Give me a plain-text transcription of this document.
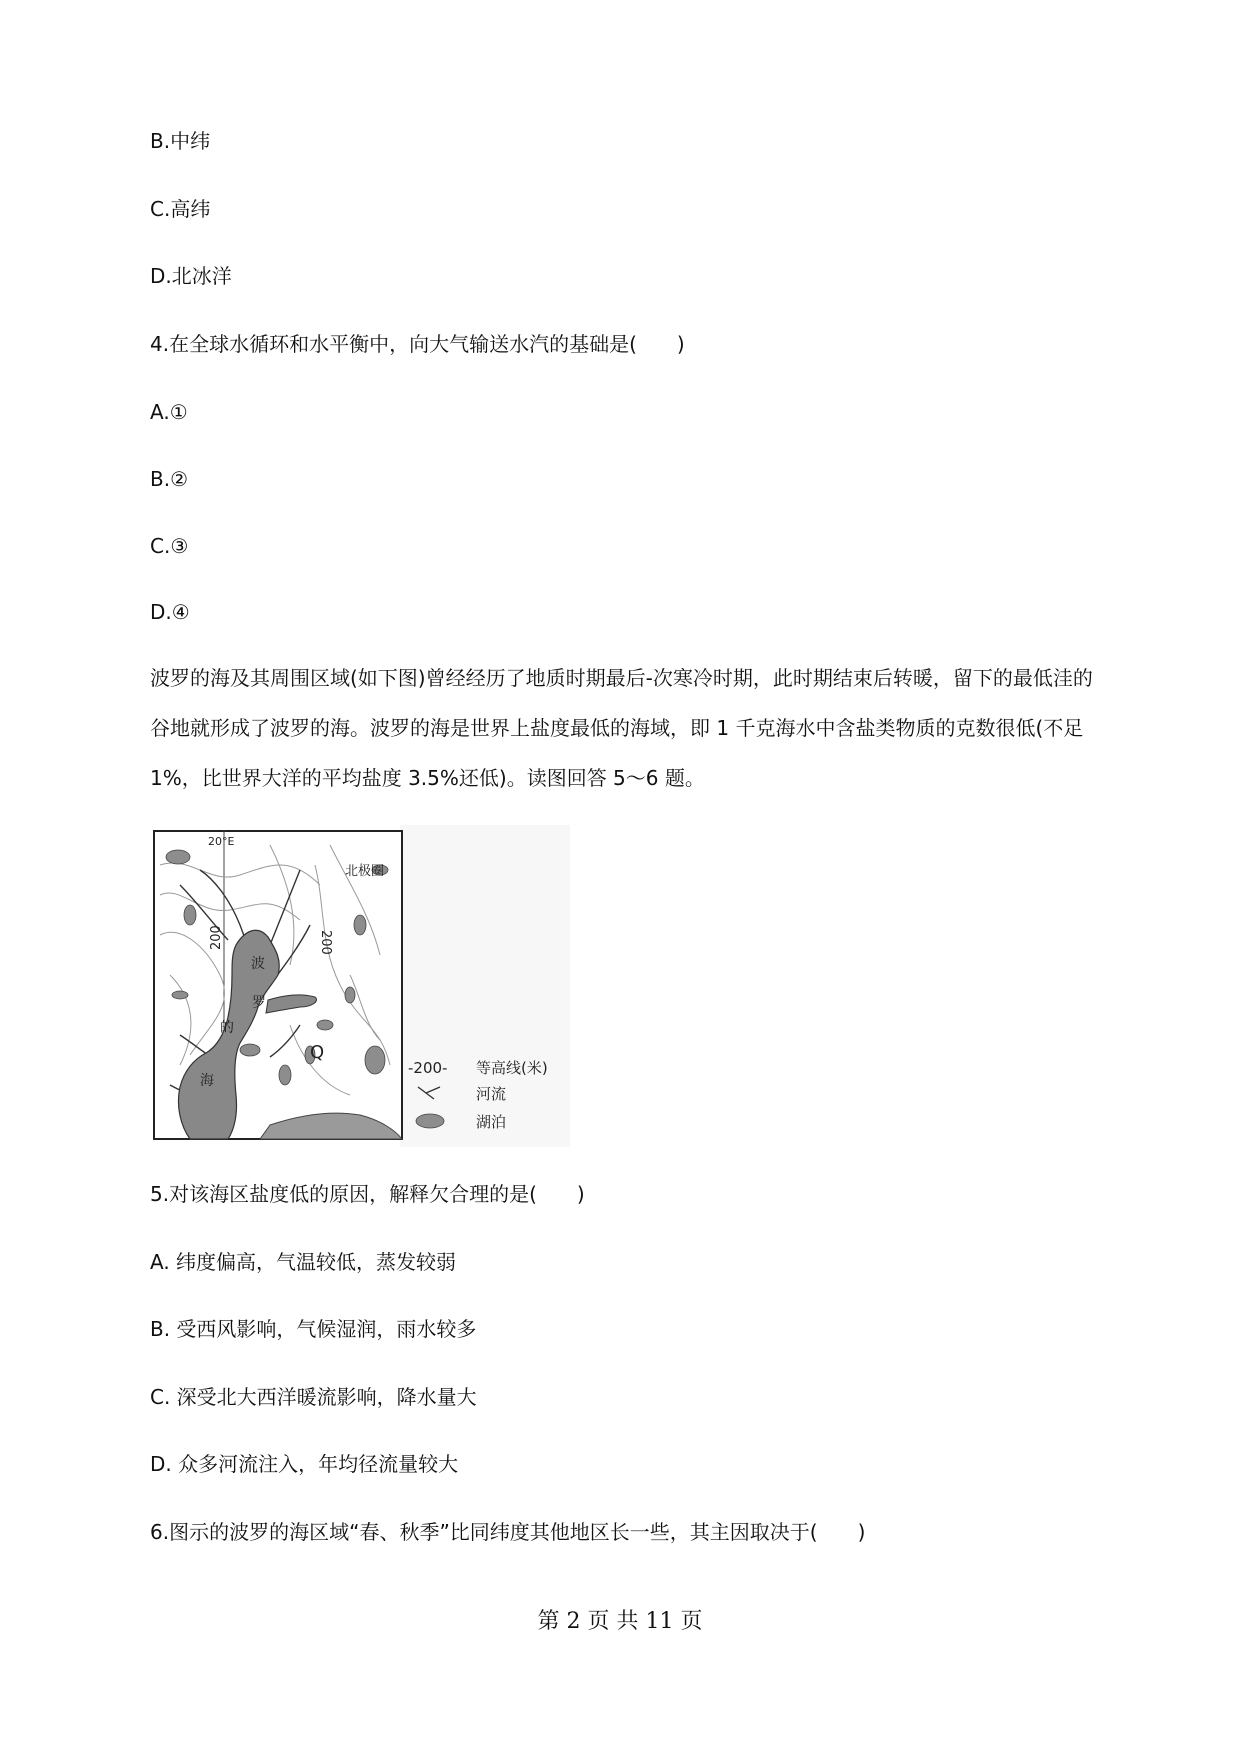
B.中纬
C.高纬
D.北冰洋
4.在全球水循环和水平衡中，向大气输送水汽的基础是(　　)
A.①
B.②
C.③
D.④
波罗的海及其周围区域(如下图)曾经经历了地质时期最后-次寒冷时期，此时期结束后转暖，留下的最低洼的谷地就形成了波罗的海。波罗的海是世界上盐度最低的海域，即 1 千克海水中含盐类物质的克数很低(不足 1%，比世界大洋的平均盐度 3.5%还低)。读图回答 5～6 题。
波
罗
的
海
20°E
北极圈
200	200
Q
-200- 等高线(米)
河流
湖泊
5.对该海区盐度低的原因，解释欠合理的是(　　)
A. 纬度偏高，气温较低，蒸发较弱
B. 受西风影响，气候湿润，雨水较多
C. 深受北大西洋暖流影响，降水量大
D. 众多河流注入，年均径流量较大
6.图示的波罗的海区域“春、秋季”比同纬度其他地区长一些，其主因取决于(　　)
第 2 页 共 11 页
